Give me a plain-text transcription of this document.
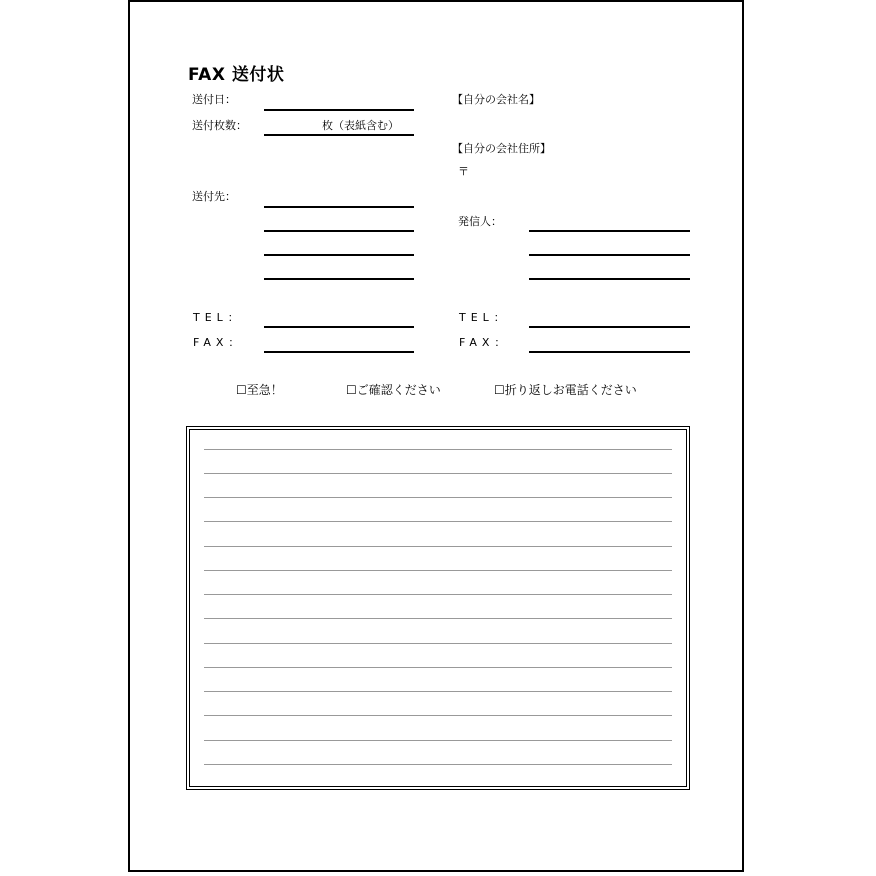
FAX 送付状
送付日：
送付枚数：	枚（表紙含む）
送付先：
TEL：
FAX：
【自分の会社名】
【自分の会社住所】
〒
発信人：
TEL：
FAX：
☐至急！	☐ご確認ください	☐折り返しお電話ください
